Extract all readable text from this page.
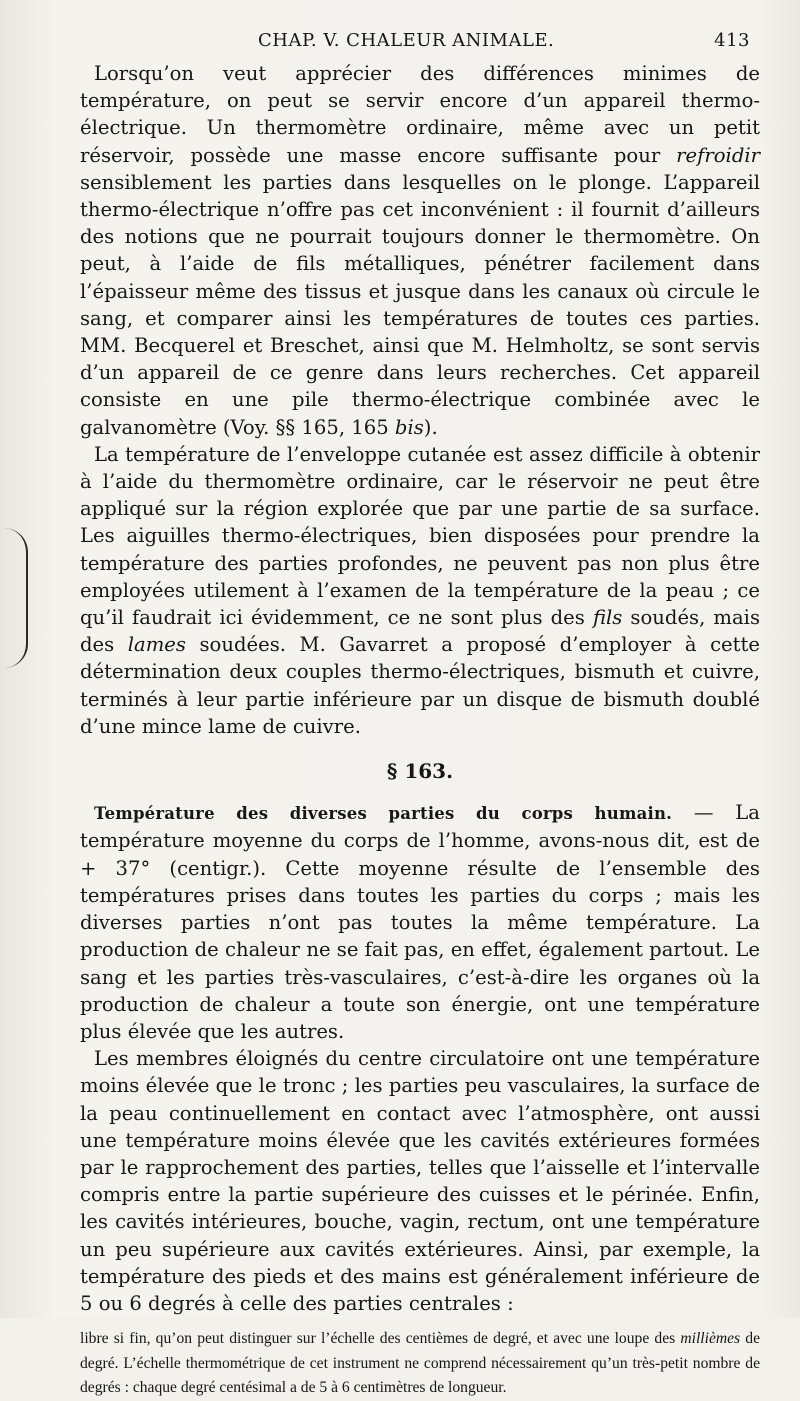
CHAP. V. CHALEUR ANIMALE.	413

Lorsqu’on veut apprécier des différences minimes de température, on peut se servir encore d’un appareil thermo-électrique. Un thermomètre ordinaire, même avec un petit réservoir, possède une masse encore suffisante pour refroidir sensiblement les parties dans lesquelles on le plonge. L’appareil thermo-électrique n’offre pas cet inconvénient : il fournit d’ailleurs des notions que ne pourrait toujours donner le thermomètre. On peut, à l’aide de fils métalliques, pénétrer facilement dans l’épaisseur même des tissus et jusque dans les canaux où circule le sang, et comparer ainsi les températures de toutes ces parties. MM. Becquerel et Breschet, ainsi que M. Helmholtz, se sont servis d’un appareil de ce genre dans leurs recherches. Cet appareil consiste en une pile thermo-électrique combinée avec le galvanomètre (Voy. §§ 165, 165 bis).

La température de l’enveloppe cutanée est assez difficile à obtenir à l’aide du thermomètre ordinaire, car le réservoir ne peut être appliqué sur la région explorée que par une partie de sa surface. Les aiguilles thermo-électriques, bien disposées pour prendre la température des parties profondes, ne peuvent pas non plus être employées utilement à l’examen de la température de la peau ; ce qu’il faudrait ici évidemment, ce ne sont plus des fils soudés, mais des lames soudées. M. Gavarret a proposé d’employer à cette détermination deux couples thermo-électriques, bismuth et cuivre, terminés à leur partie inférieure par un disque de bismuth doublé d’une mince lame de cuivre.

§ 163.

Température des diverses parties du corps humain. — La température moyenne du corps de l’homme, avons-nous dit, est de + 37° (centigr.). Cette moyenne résulte de l’ensemble des températures prises dans toutes les parties du corps ; mais les diverses parties n’ont pas toutes la même température. La production de chaleur ne se fait pas, en effet, également partout. Le sang et les parties très-vasculaires, c’est-à-dire les organes où la production de chaleur a toute son énergie, ont une température plus élevée que les autres.

Les membres éloignés du centre circulatoire ont une température moins élevée que le tronc ; les parties peu vasculaires, la surface de la peau continuellement en contact avec l’atmosphère, ont aussi une température moins élevée que les cavités extérieures formées par le rapprochement des parties, telles que l’aisselle et l’intervalle compris entre la partie supérieure des cuisses et le périnée. Enfin, les cavités intérieures, bouche, vagin, rectum, ont une température un peu supérieure aux cavités extérieures. Ainsi, par exemple, la température des pieds et des mains est généralement inférieure de 5 ou 6 degrés à celle des parties centrales :

libre si fin, qu’on peut distinguer sur l’échelle des centièmes de degré, et avec une loupe des millièmes de degré. L’échelle thermométrique de cet instrument ne comprend nécessairement qu’un très-petit nombre de degrés : chaque degré centésimal a de 5 à 6 centimètres de longueur.
